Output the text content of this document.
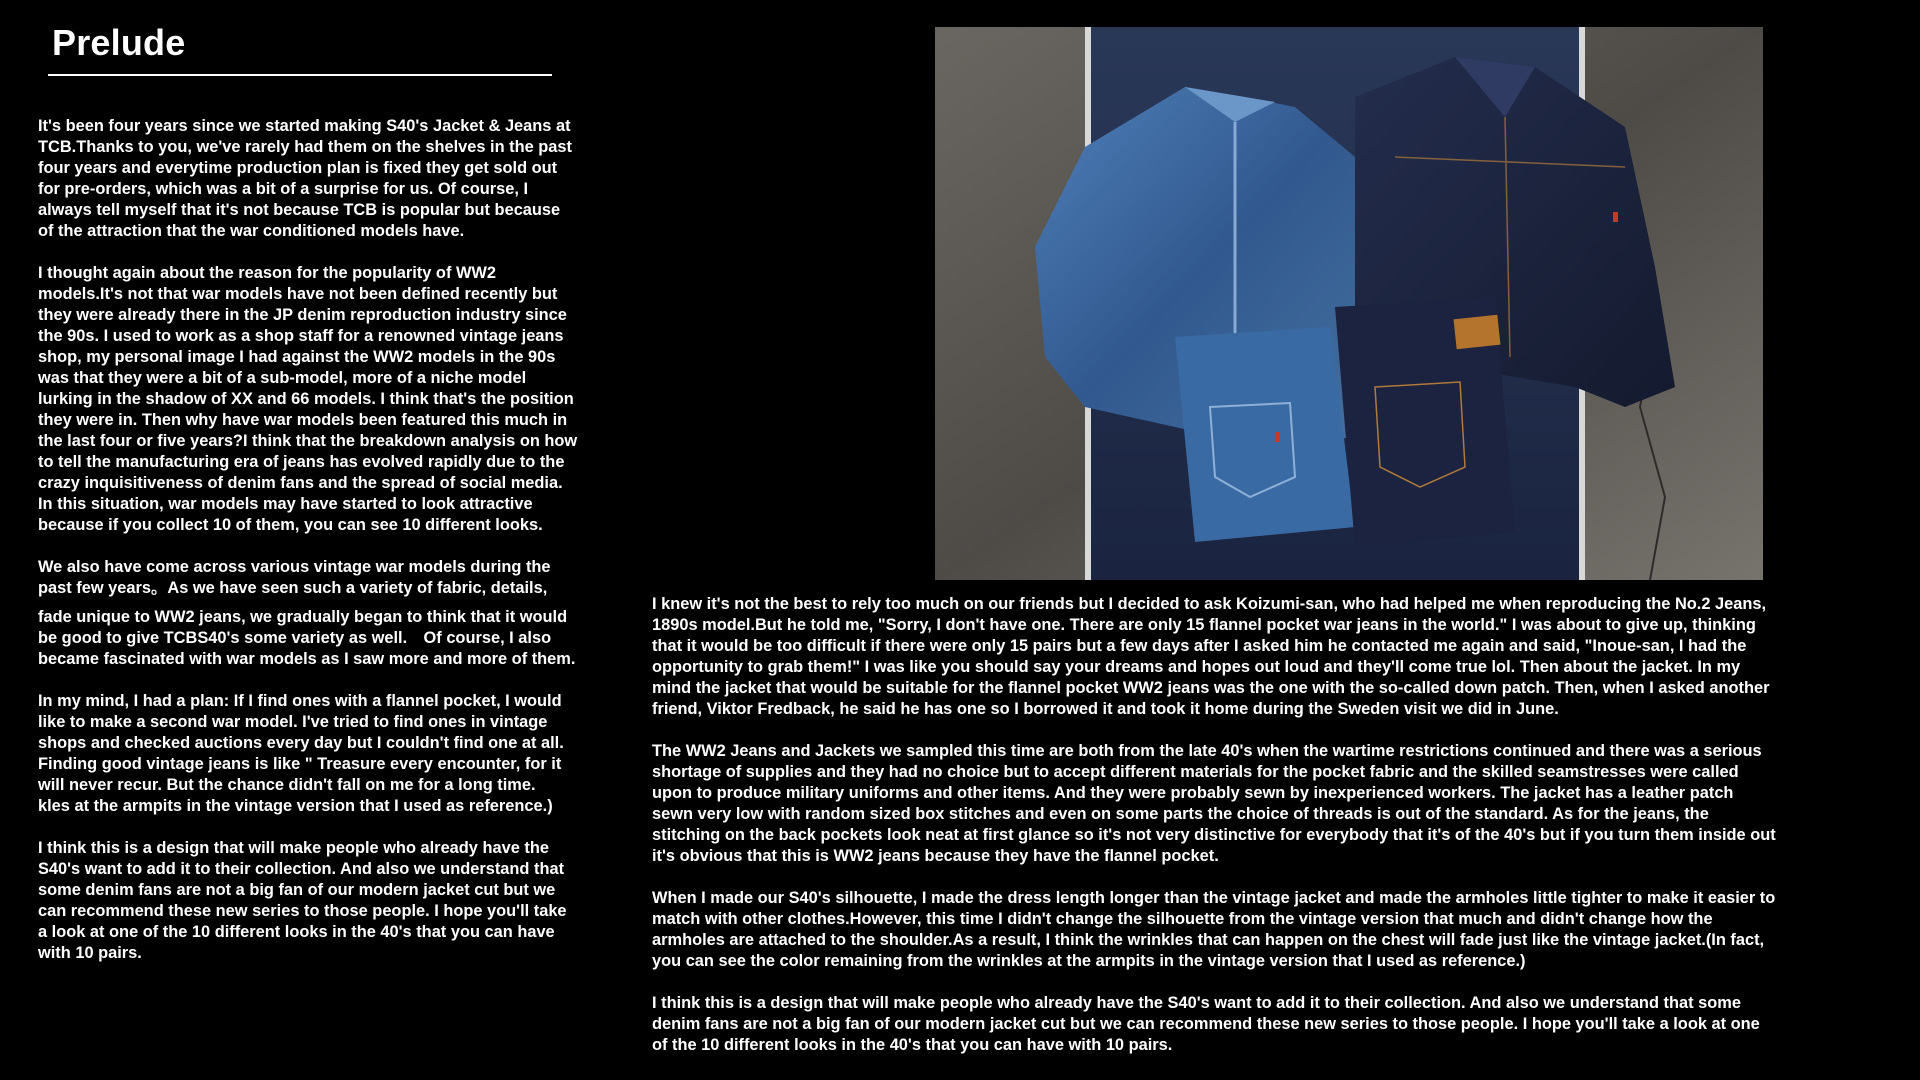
Prelude

It's been four years since we started making S40's Jacket & Jeans at
TCB.Thanks to you, we've rarely had them on the shelves in the past
four years and everytime production plan is fixed they get sold out
for pre-orders, which was a bit of a surprise for us. Of course, I
always tell myself that it's not because TCB is popular but because
of the attraction that the war conditioned models have.

I thought again about the reason for the popularity of WW2
models.It's not that war models have not been defined recently but
they were already there in the JP denim reproduction industry since
the 90s. I used to work as a shop staff for a renowned vintage jeans
shop, my personal image I had against the WW2 models in the 90s
was that they were a bit of a sub-model, more of a niche model
lurking in the shadow of XX and 66 models. I think that's the position
they were in. Then why have war models been featured this much in
the last four or five years?I think that the breakdown analysis on how
to tell the manufacturing era of jeans has evolved rapidly due to the
crazy inquisitiveness of denim fans and the spread of social media.
In this situation, war models may have started to look attractive
because if you collect 10 of them, you can see 10 different looks.

We also have come across various vintage war models during the
past few years。As we have seen such a variety of fabric, details,

fade unique to WW2 jeans, we gradually began to think that it would
be good to give TCBS40's some variety as well.　Of course, I also
became fascinated with war models as I saw more and more of them.

In my mind, I had a plan: If I find ones with a flannel pocket, I would
like to make a second war model. I've tried to find ones in vintage
shops and checked auctions every day but I couldn't find one at all.
Finding good vintage jeans is like " Treasure every encounter, for it
will never recur. But the chance didn't fall on me for a long time.
kles at the armpits in the vintage version that I used as reference.)

I think this is a design that will make people who already have the
S40's want to add it to their collection. And also we understand that
some denim fans are not a big fan of our modern jacket cut but we
can recommend these new series to those people. I hope you'll take
a look at one of the 10 different looks in the 40's that you can have
with 10 pairs.

I knew it's not the best to rely too much on our friends but I decided to ask Koizumi-san, who had helped me when reproducing the No.2 Jeans,
1890s model.But he told me, "Sorry, I don't have one. There are only 15 flannel pocket war jeans in the world." I was about to give up, thinking
that it would be too difficult if there were only 15 pairs but a few days after I asked him he contacted me again and said, "Inoue-san, I had the
opportunity to grab them!" I was like you should say your dreams and hopes out loud and they'll come true lol. Then about the jacket. In my
mind the jacket that would be suitable for the flannel pocket WW2 jeans was the one with the so-called down patch. Then, when I asked another
friend, Viktor Fredback, he said he has one so I borrowed it and took it home during the Sweden visit we did in June.

The WW2 Jeans and Jackets we sampled this time are both from the late 40's when the wartime restrictions continued and there was a serious
shortage of supplies and they had no choice but to accept different materials for the pocket fabric and the skilled seamstresses were called
upon to produce military uniforms and other items. And they were probably sewn by inexperienced workers. The jacket has a leather patch
sewn very low with random sized box stitches and even on some parts the choice of threads is out of the standard. As for the jeans, the
stitching on the back pockets look neat at first glance so it's not very distinctive for everybody that it's of the 40's but if you turn them inside out
it's obvious that this is WW2 jeans because they have the flannel pocket.

When I made our S40's silhouette, I made the dress length longer than the vintage jacket and made the armholes little tighter to make it easier to
match with other clothes.However, this time I didn't change the silhouette from the vintage version that much and didn't change how the
armholes are attached to the shoulder.As a result, I think the wrinkles that can happen on the chest will fade just like the vintage jacket.(In fact,
you can see the color remaining from the wrinkles at the armpits in the vintage version that I used as reference.)

I think this is a design that will make people who already have the S40's want to add it to their collection. And also we understand that some
denim fans are not a big fan of our modern jacket cut but we can recommend these new series to those people. I hope you'll take a look at one
of the 10 different looks in the 40's that you can have with 10 pairs.
